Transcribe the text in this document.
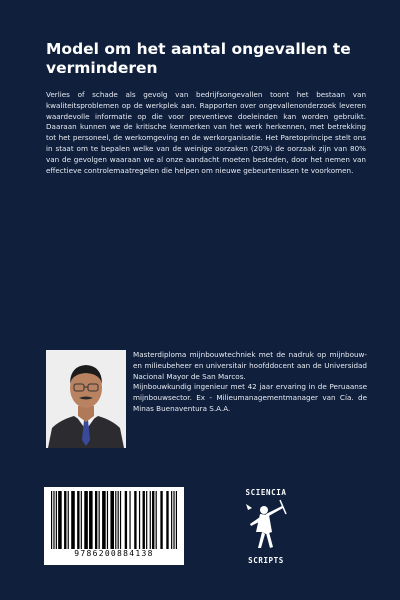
Model om het aantal ongevallen te verminderen

Verlies of schade als gevolg van bedrijfsongevallen toont het bestaan van kwaliteitsproblemen op de werkplek aan. Rapporten over ongevallenonderzoek leveren waardevolle informatie op die voor preventieve doeleinden kan worden gebruikt. Daaraan kunnen we de kritische kenmerken van het werk herkennen, met betrekking tot het personeel, de werkomgeving en de werkorganisatie. Het Paretoprincipe stelt ons in staat om te bepalen welke van de weinige oorzaken (20%) de oorzaak zijn van 80% van de gevolgen waaraan we al onze aandacht moeten besteden, door het nemen van effectieve controlemaatregelen die helpen om nieuwe gebeurtenissen te voorkomen.

Masterdiploma mijnbouwtechniek met de nadruk op mijnbouw- en milieubeheer en universitair hoofddocent aan de Universidad Nacional Mayor de San Marcos.

Mijnbouwkundig ingenieur met 42 jaar ervaring in de Peruaanse mijnbouwsector. Ex - Milieumanagementmanager van Cía. de Minas Buenaventura S.A.A.

9786200884138
SCIENCIA
SCRIPTS
